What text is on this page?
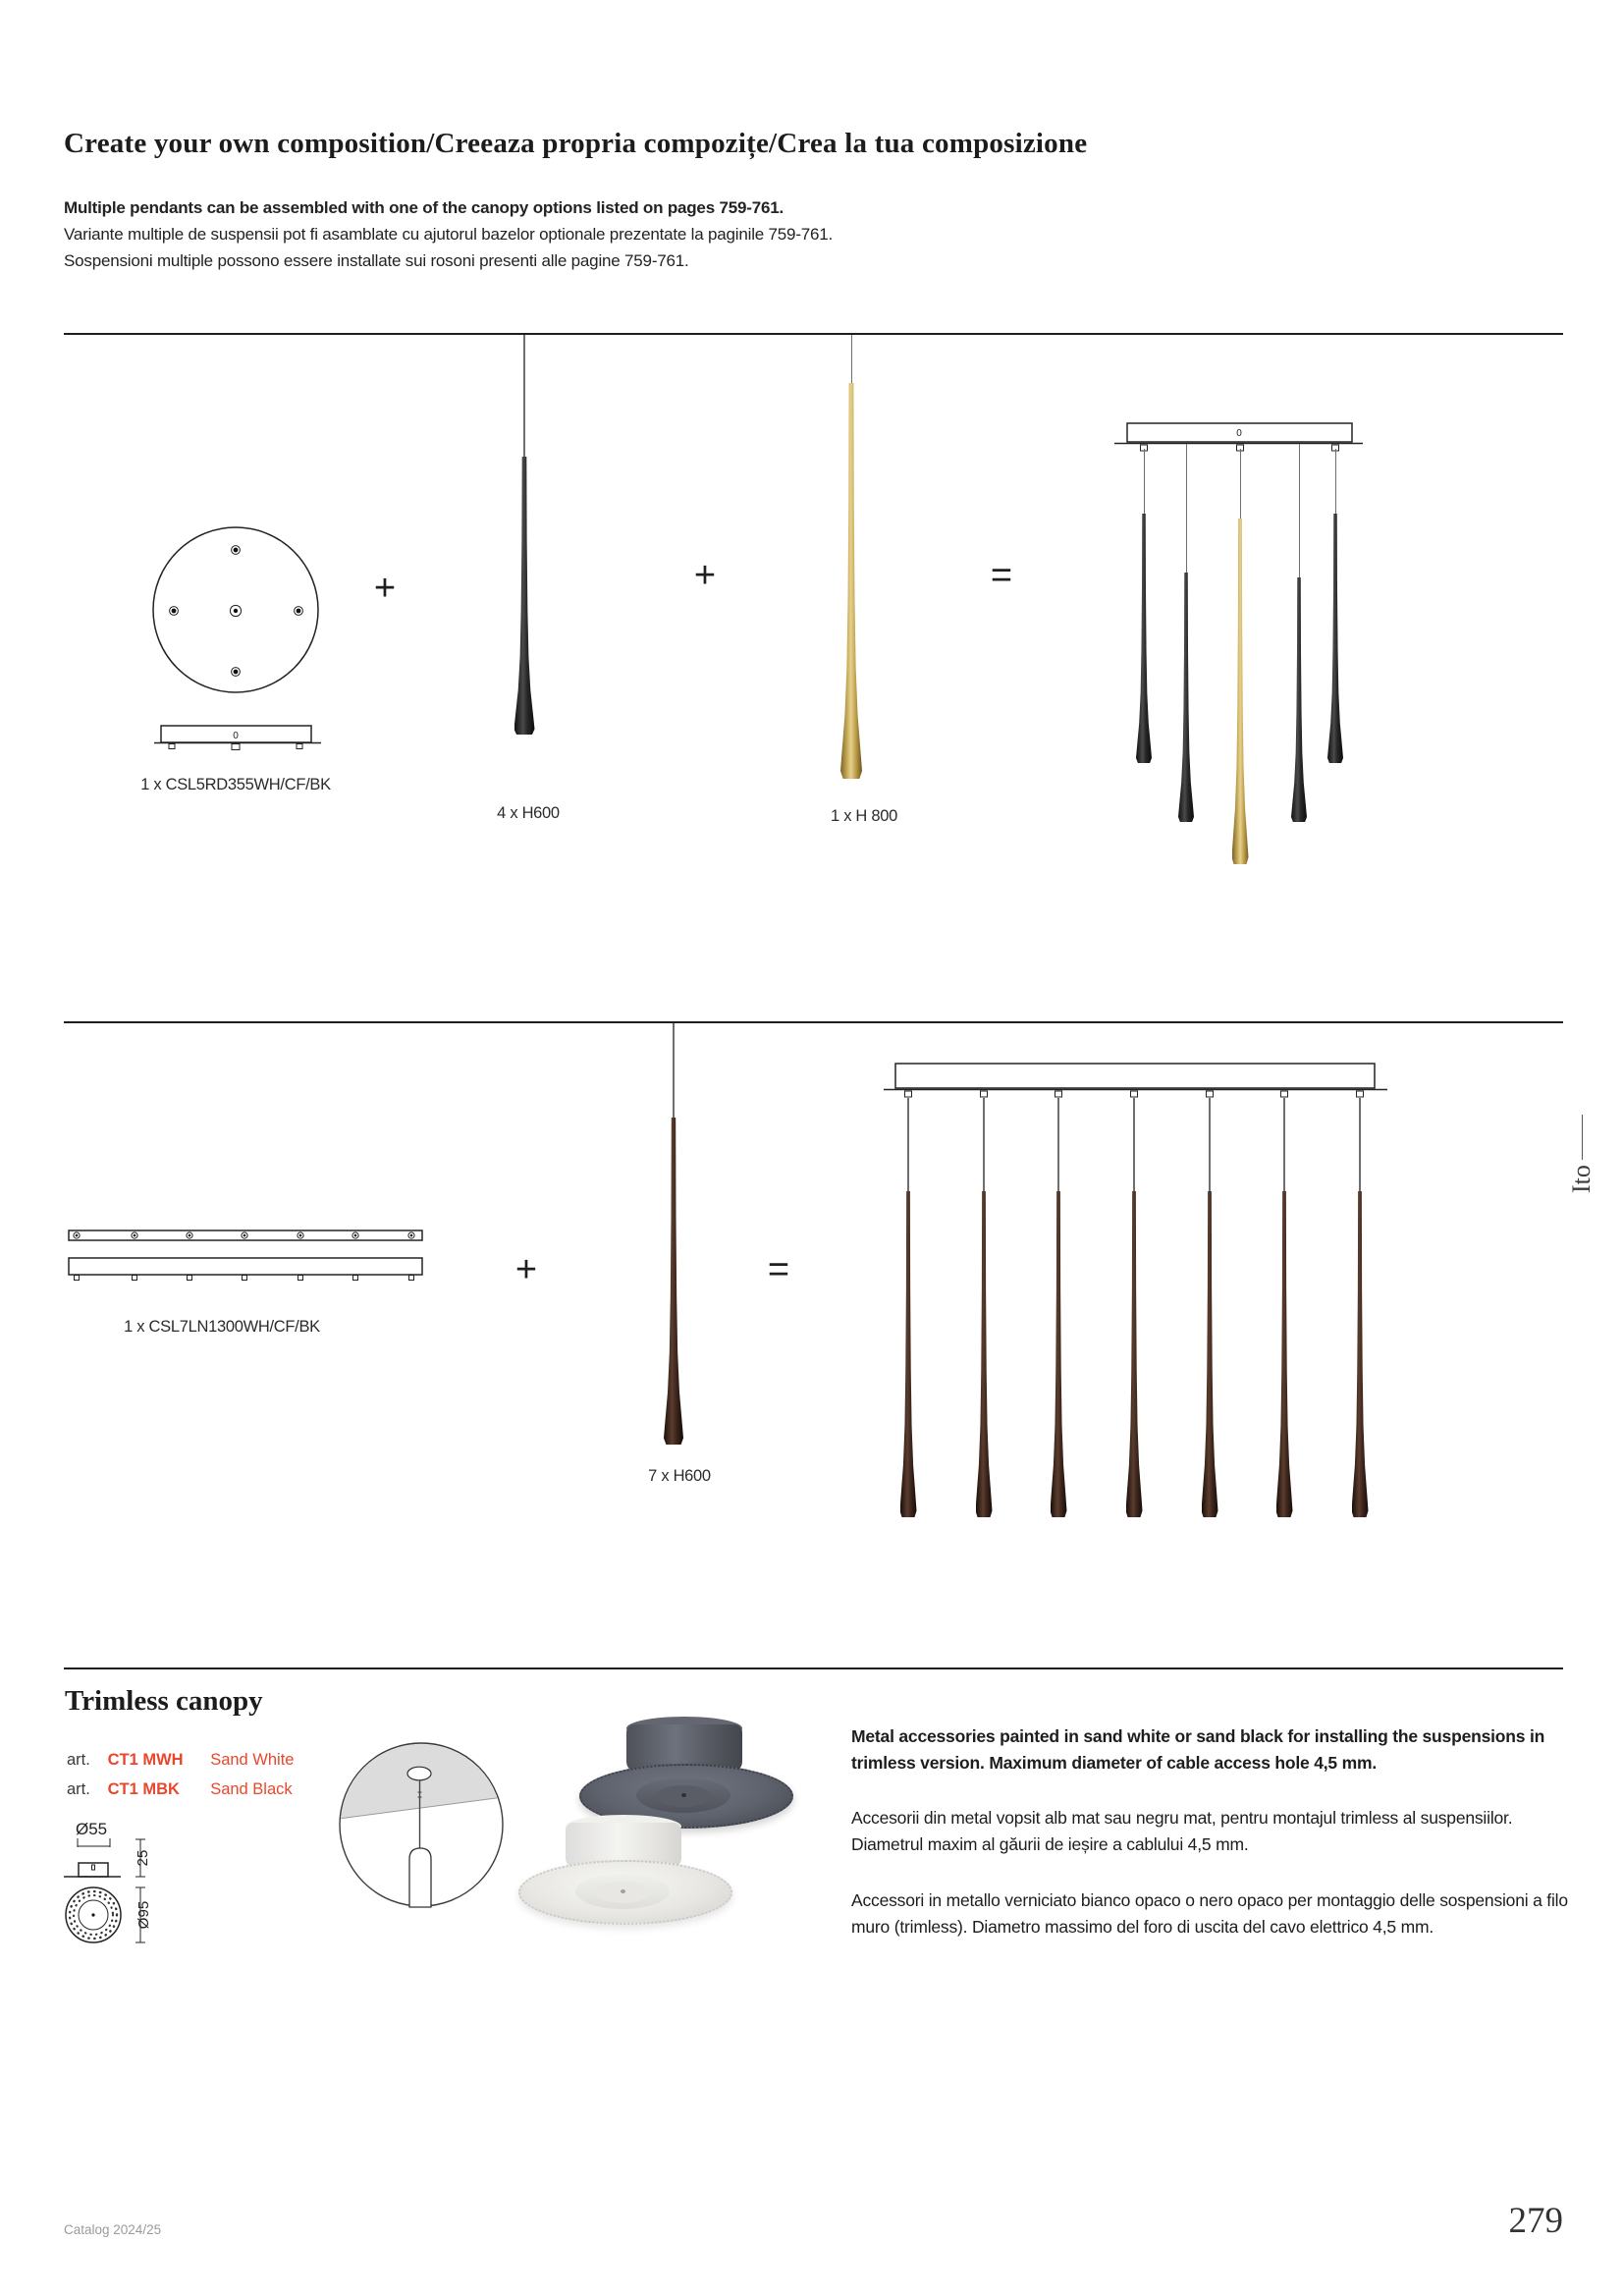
Create your own composition/Creeaza propria compozițe/Crea la tua composizione

Multiple pendants can be assembled with one of the canopy options listed on pages 759-761.

Variante multiple de suspensii pot fi asamblate cu ajutorul bazelor optionale prezentate la paginile 759-761.

Sospensioni multiple possono essere installate sui rosoni presenti alle pagine 759-761.

0
1 x CSL5RD355WH/CF/BK
+
4 x H600
+
1 x H 800
=
0
1 x CSL7LN1300WH/CF/BK
+
7 x H600
=
Ito
Trimless canopy
art. CT1 MWH Sand White
art. CT1 MBK Sand Black
Ø55
25
Ø95

Metal accessories painted in sand white or sand black for installing the suspensions in trimless version. Maximum diameter of cable access hole 4,5 mm.

Accesorii din metal vopsit alb mat sau negru mat, pentru montajul trimless al suspensiilor. Diametrul maxim al găurii de ieșire a cablului 4,5 mm.

Accessori in metallo verniciato bianco opaco o nero opaco per montaggio delle sospensioni a filo muro (trimless). Diametro massimo del foro di uscita del cavo elettrico 4,5 mm.

Catalog 2024/25	279
